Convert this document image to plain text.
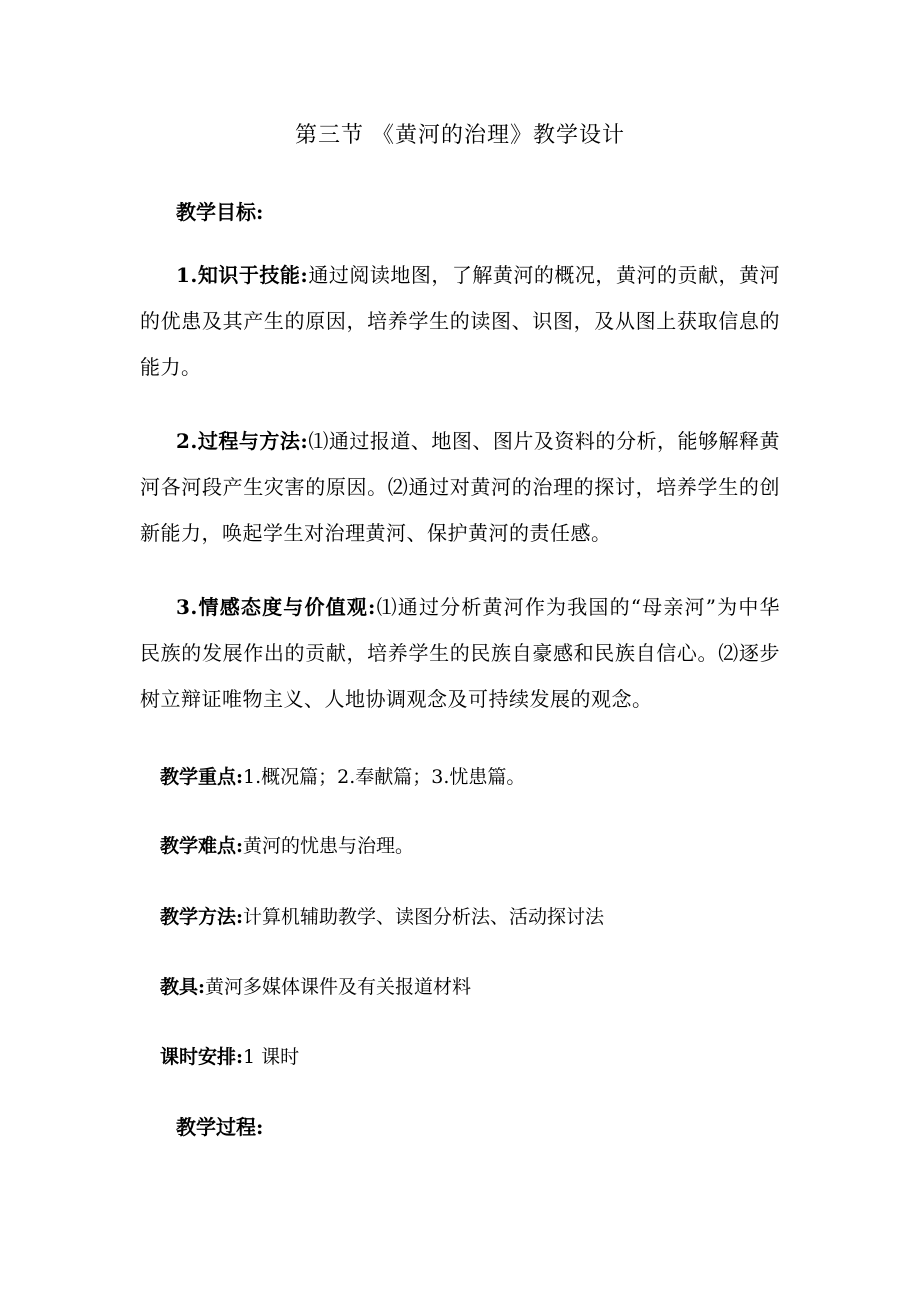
第三节 《黄河的治理》教学设计
教学目标:
1.知识于技能:通过阅读地图，了解黄河的概况，黄河的贡献，黄河的优患及其产生的原因，培养学生的读图、识图，及从图上获取信息的能力。
2.过程与方法:⑴通过报道、地图、图片及资料的分析，能够解释黄河各河段产生灾害的原因。⑵通过对黄河的治理的探讨，培养学生的创新能力，唤起学生对治理黄河、保护黄河的责任感。
3.情感态度与价值观:⑴通过分析黄河作为我国的“母亲河”为中华民族的发展作出的贡献，培养学生的民族自豪感和民族自信心。⑵逐步树立辩证唯物主义、人地协调观念及可持续发展的观念。
教学重点:1.概况篇；2.奉献篇；3.忧患篇。
教学难点:黄河的忧患与治理。
教学方法:计算机辅助教学、读图分析法、活动探讨法
教具:黄河多媒体课件及有关报道材料
课时安排:1 课时
教学过程:
